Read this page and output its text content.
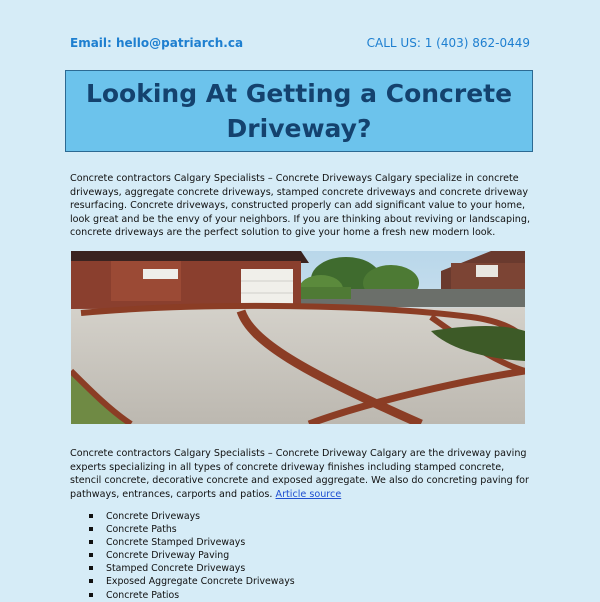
Email: hello@patriarch.ca	CALL US: 1 (403) 862-0449
Looking At Getting a Concrete Driveway?

Concrete contractors Calgary Specialists – Concrete Driveways Calgary specialize in concrete driveways, aggregate concrete driveways, stamped concrete driveways and concrete driveway resurfacing. Concrete driveways, constructed properly can add significant value to your home, look great and be the envy of your neighbors. If you are thinking about reviving or landscaping, concrete driveways are the perfect solution to give your home a fresh new modern look.

Concrete contractors Calgary Specialists – Concrete Driveway Calgary are the driveway paving experts specializing in all types of concrete driveway finishes including stamped concrete, stencil concrete, decorative concrete and exposed aggregate. We also do concreting paving for pathways, entrances, carports and patios. Article source

Concrete Driveways
Concrete Paths
Concrete Stamped Driveways
Concrete Driveway Paving
Stamped Concrete Driveways
Exposed Aggregate Concrete Driveways
Concrete Patios
